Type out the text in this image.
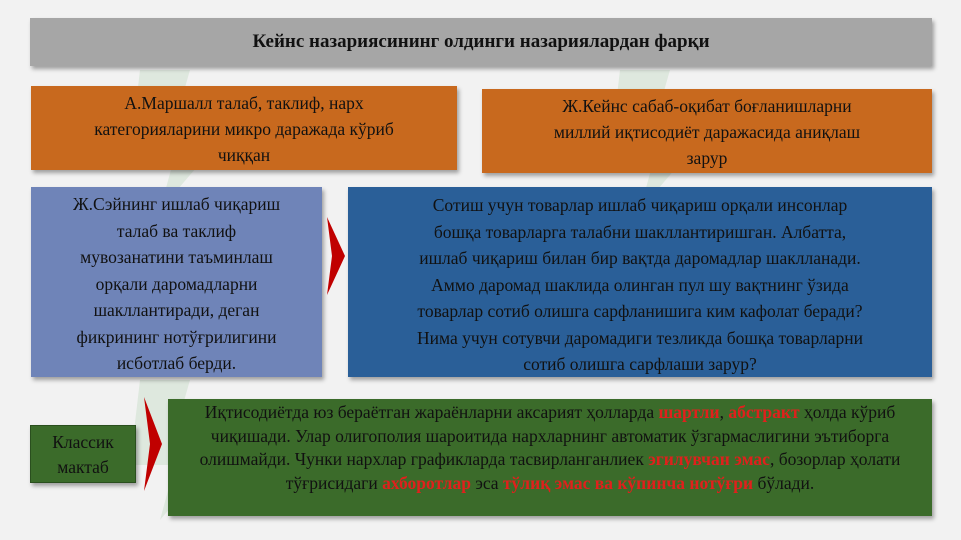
Кейнс назариясининг олдинги назариялардан фарқи
А.Маршалл талаб, таклиф, нарх
категорияларини микро даражада кўриб
чиққан
Ж.Кейнс сабаб-оқибат боғланишларни
миллий иқтисодиёт даражасида аниқлаш
зарур
Ж.Сэйнинг ишлаб чиқариш
талаб ва таклиф
мувозанатини таъминлаш
орқали даромадларни
шакллантиради, деган
фикрининг нотўғрилигини
исботлаб берди.
Сотиш учун товарлар ишлаб чиқариш орқали инсонлар
бошқа товарларга талабни шакллантиришган. Албатта,
ишлаб чиқариш билан бир вақтда даромадлар шаклланади.
Аммо даромад шаклида олинган пул шу вақтнинг ўзида
товарлар сотиб олишга сарфланишига ким кафолат беради?
Нима учун сотувчи даромадиги тезликда бошқа товарларни
сотиб олишга сарфлаши зарур?
Классик
мактаб
Иқтисодиётда юз бераётган жараёнларни аксарият ҳолларда шартли, абстракт ҳолда кўриб чиқишади. Улар олигополия шароитида нархларнинг автоматик ўзгармаслигини эътиборга олишмайди. Чунки нархлар графикларда тасвирланганлиек эгилувчан эмас, бозорлар ҳолати тўғрисидаги ахборотлар эса тўлиқ эмас ва кўпинча нотўғри бўлади.
